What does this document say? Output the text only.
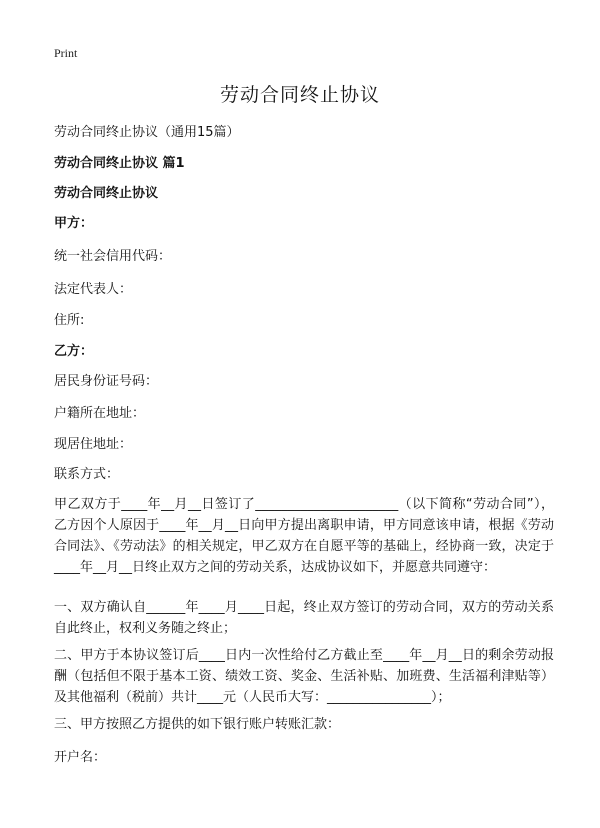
Print
劳动合同终止协议
劳动合同终止协议（通用15篇）
劳动合同终止协议 篇1
劳动合同终止协议
甲方：
统一社会信用代码：
法定代表人：
住所:
乙方：
居民身份证号码：
户籍所在地址：
现居住地址：
联系方式：
甲乙双方于____年__月__日签订了______________________（以下简称“劳动合同”），乙方因个人原因于____年__月__日向甲方提出离职申请，甲方同意该申请，根据《劳动合同法》、《劳动法》的相关规定，甲乙双方在自愿平等的基础上，经协商一致，决定于____年__月__日终止双方之间的劳动关系，达成协议如下，并愿意共同遵守：
一、双方确认自______年____月____日起，终止双方签订的劳动合同，双方的劳动关系自此终止，权利义务随之终止；
二、甲方于本协议签订后____日内一次性给付乙方截止至____年__月__日的剩余劳动报酬（包括但不限于基本工资、绩效工资、奖金、生活补贴、加班费、生活福利津贴等）及其他福利（税前）共计____元（人民币大写：________________）；
三、甲方按照乙方提供的如下银行账户转账汇款：
开户名：
